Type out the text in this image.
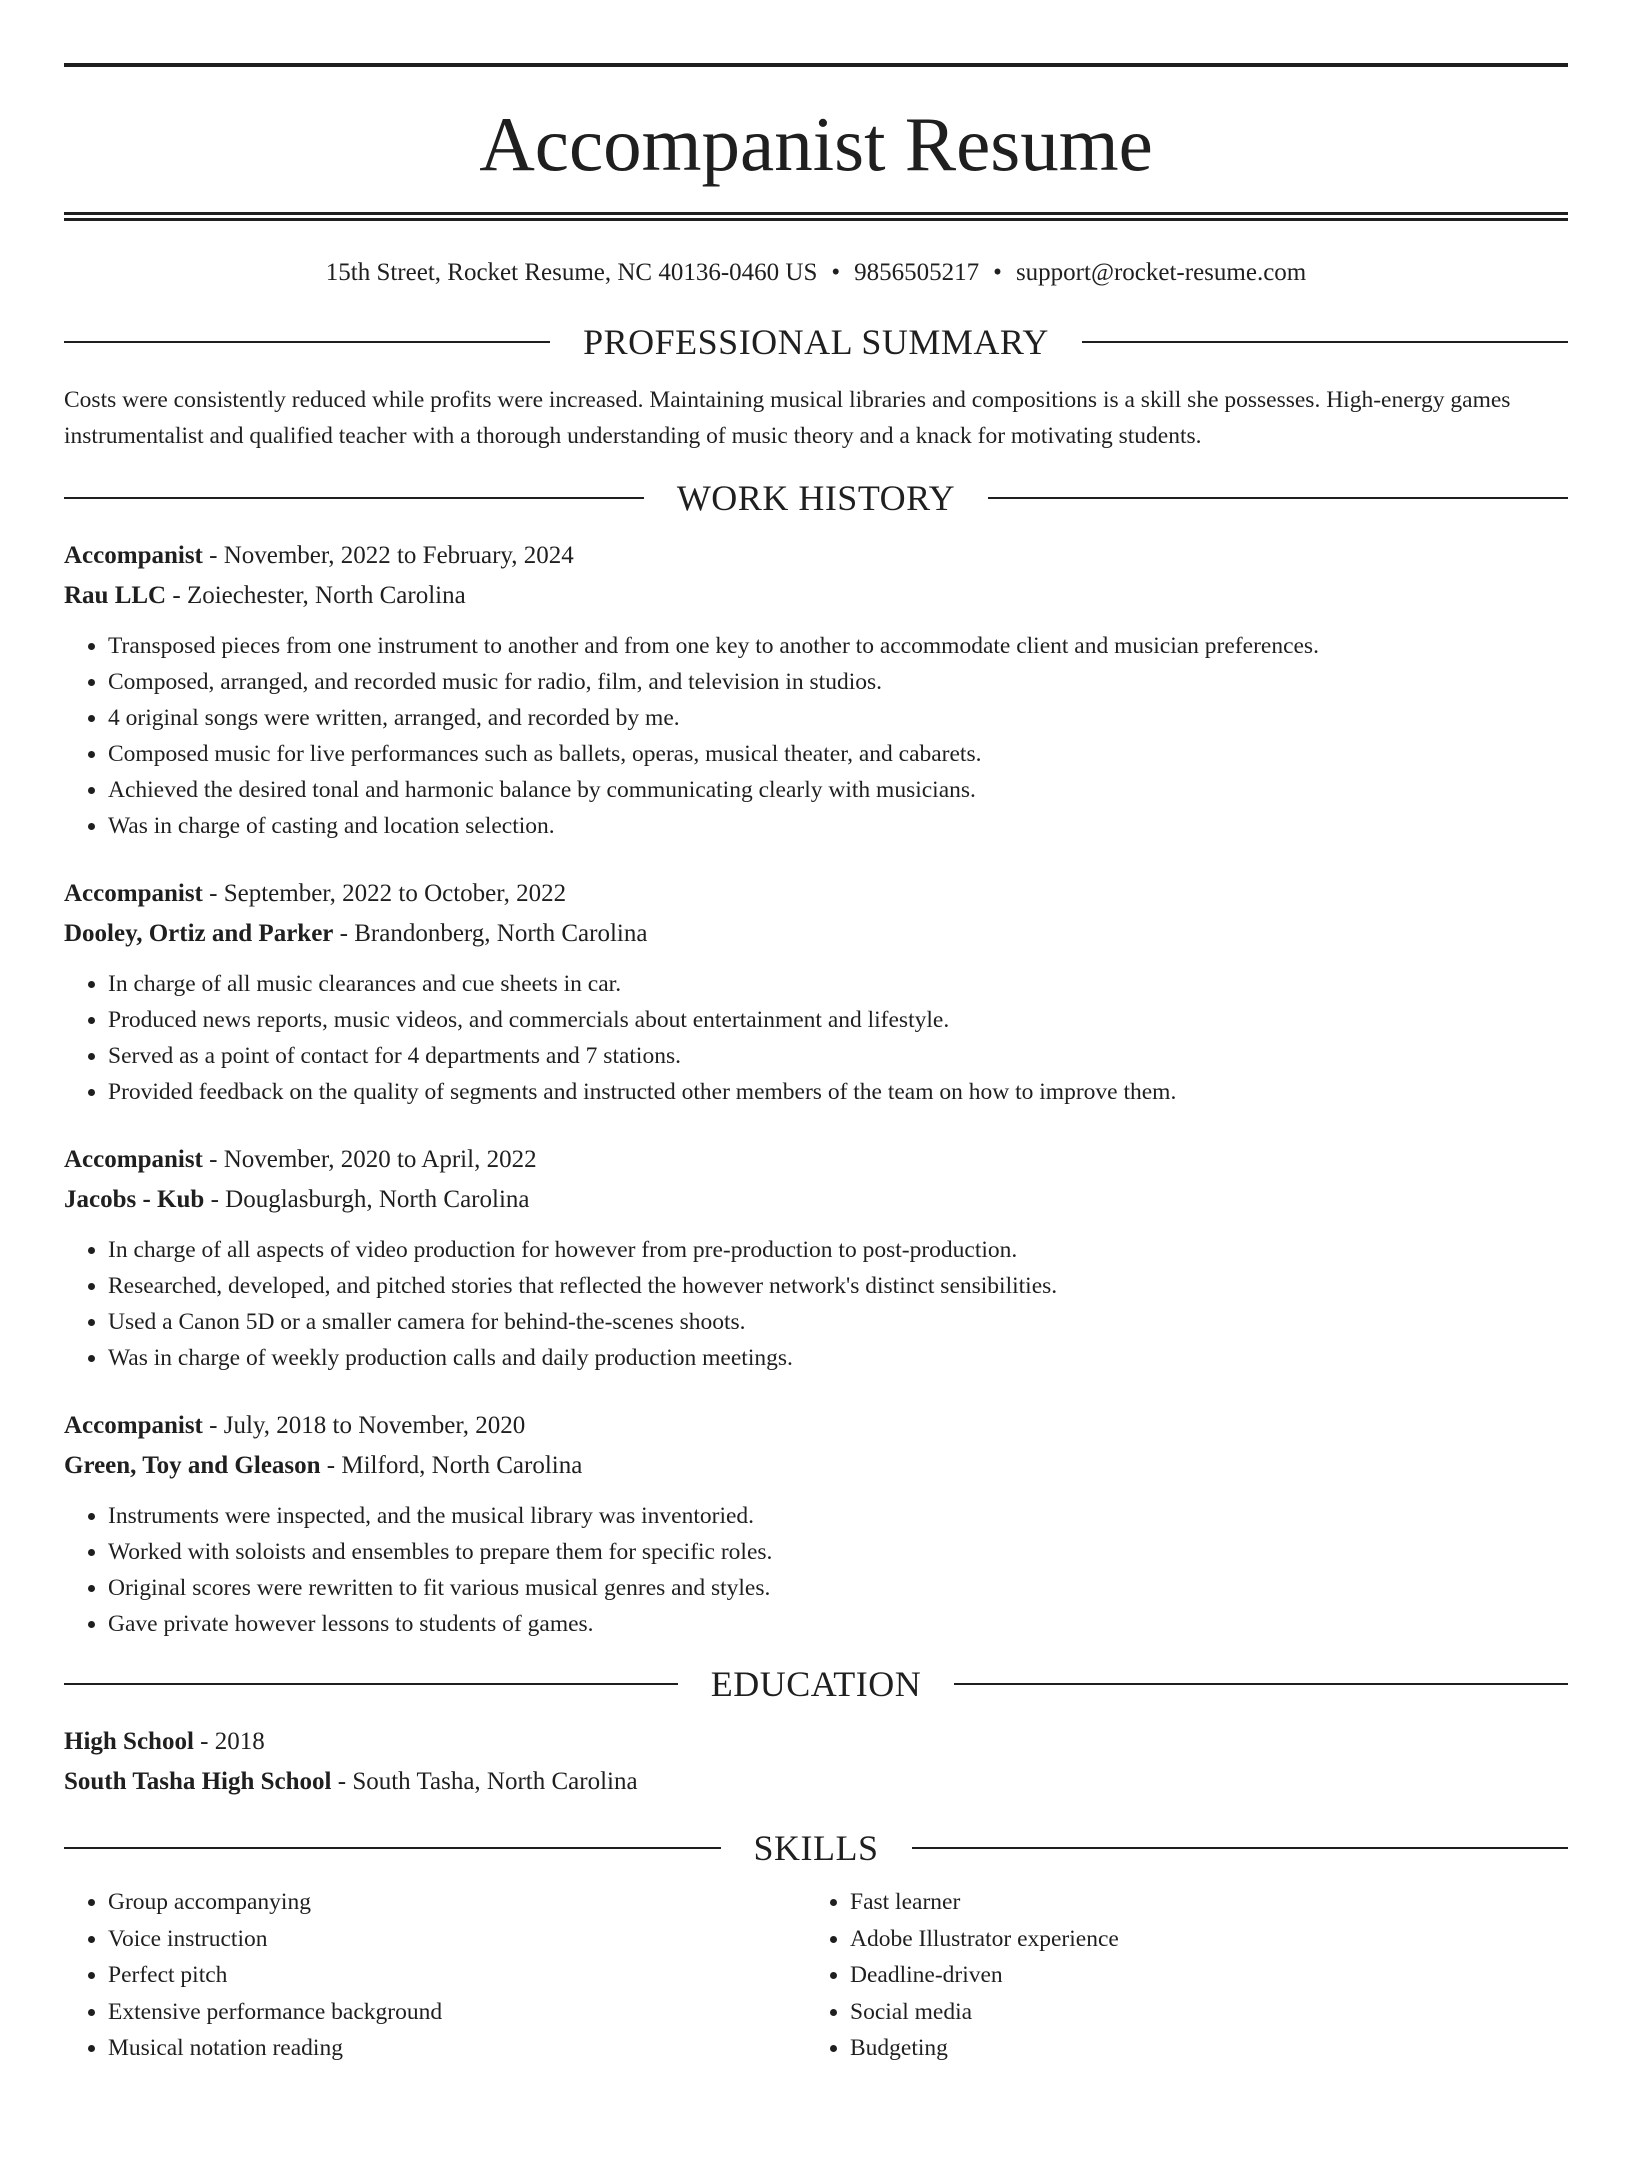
Accompanist Resume
15th Street, Rocket Resume, NC 40136-0460 US • 9856505217 • support@rocket-resume.com
PROFESSIONAL SUMMARY
Costs were consistently reduced while profits were increased. Maintaining musical libraries and compositions is a skill she possesses. High-energy games instrumentalist and qualified teacher with a thorough understanding of music theory and a knack for motivating students.
WORK HISTORY
Accompanist - November, 2022 to February, 2024
Rau LLC - Zoiechester, North Carolina
• Transposed pieces from one instrument to another and from one key to another to accommodate client and musician preferences.
• Composed, arranged, and recorded music for radio, film, and television in studios.
• 4 original songs were written, arranged, and recorded by me.
• Composed music for live performances such as ballets, operas, musical theater, and cabarets.
• Achieved the desired tonal and harmonic balance by communicating clearly with musicians.
• Was in charge of casting and location selection.
Accompanist - September, 2022 to October, 2022
Dooley, Ortiz and Parker - Brandonberg, North Carolina
• In charge of all music clearances and cue sheets in car.
• Produced news reports, music videos, and commercials about entertainment and lifestyle.
• Served as a point of contact for 4 departments and 7 stations.
• Provided feedback on the quality of segments and instructed other members of the team on how to improve them.
Accompanist - November, 2020 to April, 2022
Jacobs - Kub - Douglasburgh, North Carolina
• In charge of all aspects of video production for however from pre-production to post-production.
• Researched, developed, and pitched stories that reflected the however network's distinct sensibilities.
• Used a Canon 5D or a smaller camera for behind-the-scenes shoots.
• Was in charge of weekly production calls and daily production meetings.
Accompanist - July, 2018 to November, 2020
Green, Toy and Gleason - Milford, North Carolina
• Instruments were inspected, and the musical library was inventoried.
• Worked with soloists and ensembles to prepare them for specific roles.
• Original scores were rewritten to fit various musical genres and styles.
• Gave private however lessons to students of games.
EDUCATION
High School - 2018
South Tasha High School - South Tasha, North Carolina
SKILLS
• Group accompanying
• Voice instruction
• Perfect pitch
• Extensive performance background
• Musical notation reading
• Fast learner
• Adobe Illustrator experience
• Deadline-driven
• Social media
• Budgeting
